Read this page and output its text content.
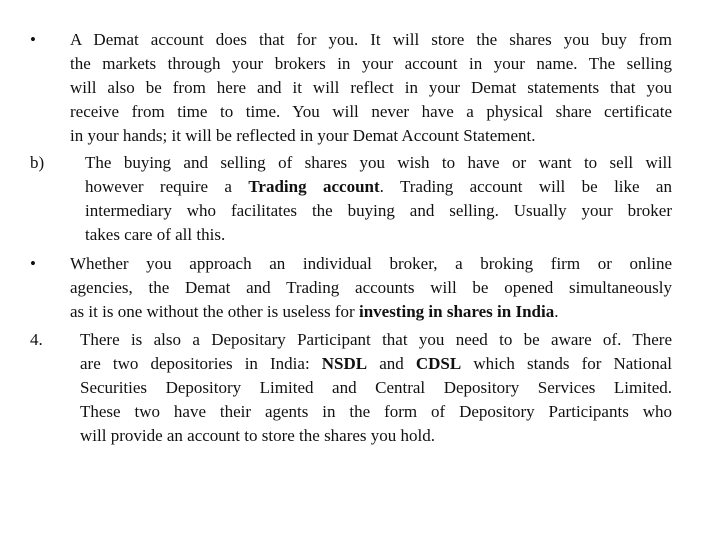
• A Demat account does that for you. It will store the shares you buy from
the markets through your brokers in your account in your name. The selling
will also be from here and it will reflect in your Demat statements that you
receive from time to time. You will never have a physical share certificate
in your hands; it will be reflected in your Demat Account Statement.
b) The buying and selling of shares you wish to have or want to sell will
however require a Trading account. Trading account will be like an
intermediary who facilitates the buying and selling. Usually your broker
takes care of all this.
• Whether you approach an individual broker, a broking firm or online
agencies, the Demat and Trading accounts will be opened simultaneously
as it is one without the other is useless for investing in shares in India.
4. There is also a Depositary Participant that you need to be aware of. There
are two depositories in India: NSDL and CDSL which stands for National
Securities Depository Limited and Central Depository Services Limited.
These two have their agents in the form of Depository Participants who
will provide an account to store the shares you hold.
